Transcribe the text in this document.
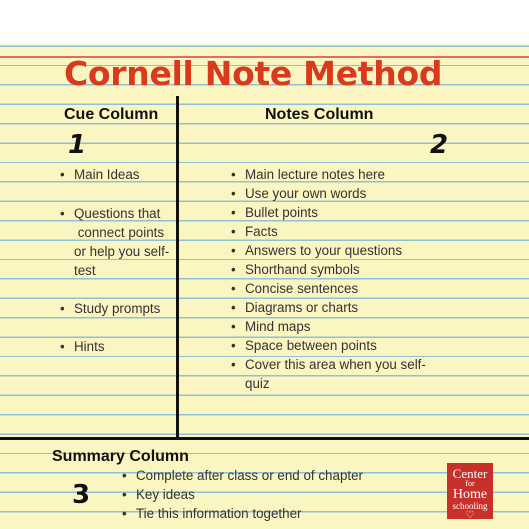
Cornell Note Method
Cue Column	Notes Column
1	2
• Main Ideas
• Questions that
connect points
or help you self-
test
• Study prompts
• Hints
• Main lecture notes here
• Use your own words
• Bullet points
• Facts
• Answers to your questions
• Shorthand symbols
• Concise sentences
• Diagrams or charts
• Mind maps
• Space between points
• Cover this area when you self-
quiz
Summary Column
3
• Complete after class or end of chapter
• Key ideas
• Tie this information together
Center
for
Home
schooling
♡
